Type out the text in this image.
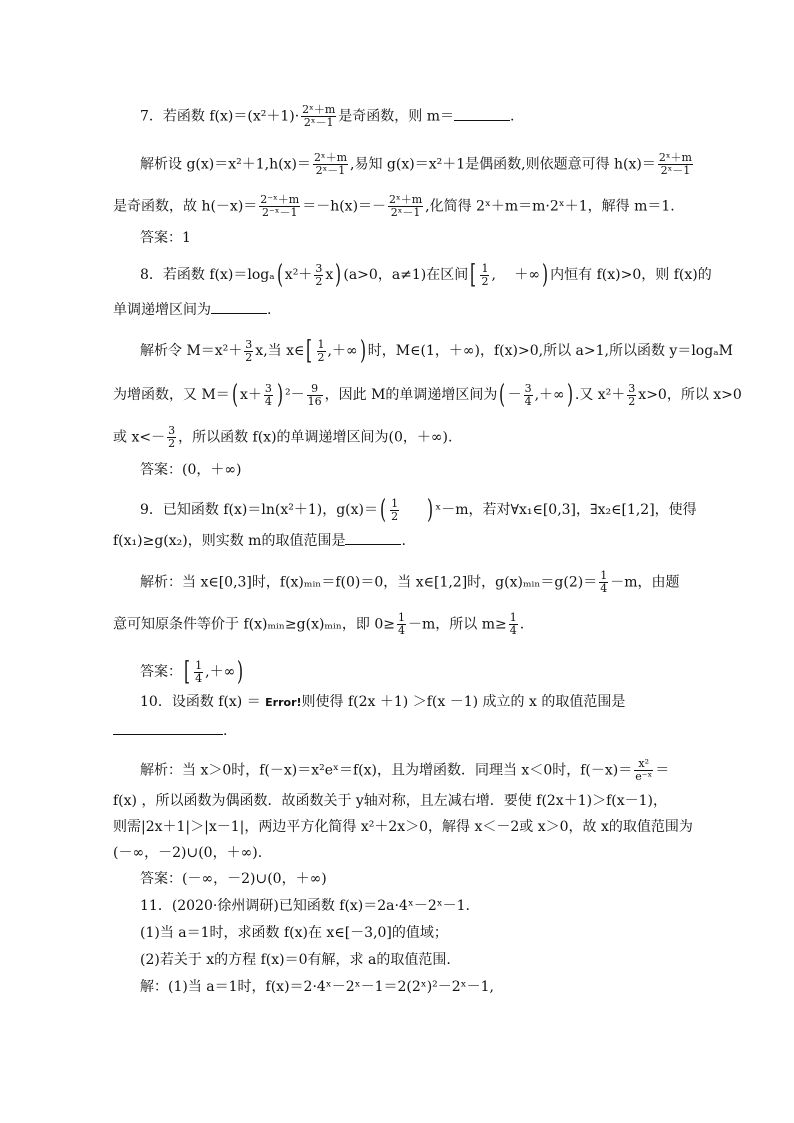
7．若函数 $f(x)=(x^2+1)\cdot \frac{\text{2ˣ＋m}}{\text{2ˣ－1}}$ 是奇函数，则 m＝	.
解析设 $g(x)=x^2+1,h(x)= \frac{\text{2ˣ＋m}}{\text{2ˣ－1}}$ ,易知 g(x)＝x²＋1是偶函数,则依题意可得 $h(x)= \frac{\text{2ˣ＋m}}{\text{2ˣ－1}}$
是奇函数，故 $h(-x)= \frac{\text{2⁻ˣ＋m}}{\text{2⁻ˣ－1}} =-h(x)=- \frac{\text{2ˣ＋m}}{\text{2ˣ－1}}$ ,化简得 2ˣ＋m＝m·2ˣ＋1，解得 m＝1.
答案：1
8．若函数 f(x)＝logₐ( $x^2+ \frac{3}{2} x$) (a>0，a≠1)在区间[ $\frac{1}{2}$ ,　 ＋∞) 内恒有 f(x)>0，则 f(x)的
单调递增区间为	.
解析令 $M=x^2+ \frac{3}{2} x$,当 x∈[ $\frac{1}{2}$ ,＋∞) 时，M∈(1，＋∞)，f(x)>0,所以 a>1,所以函数 y＝logₐM
为增函数，又 M＝( $x+ \frac{3}{4}$ ) $^2- \frac{9}{16}$ ，因此 M的单调递增区间为( － $\frac{3}{4}$ ,＋∞) .又 $x^2+ \frac{3}{2} x>0$，所以 x>0
或 $x<- \frac{3}{2}$ ，所以函数 f(x)的单调递增区间为(0，＋∞).
答案：(0，＋∞)
9．已知函数 f(x)＝ln(x²＋1)，$g(x)=( \frac{1}{2}$ ) ˣ－m，若对∀x₁∈[0,3]，∃x₂∈[1,2]，使得
f(x₁)≥g(x₂)，则实数 m的取值范围是	.
解析：当 x∈[0,3]时，f(x)ₘᵢₙ＝f(0)＝0，当 x∈[1,2]时，g(x)ₘᵢₙ＝g(2)＝ $\frac{1}{4} -m$，由题
意可知原条件等价于 f(x)ₘᵢₙ≥g(x)ₘᵢₙ，即 $0\ge \frac{1}{4} -m$，所以 $m\ge \frac{1}{4}$ .
答案：[ $\frac{1}{4}$ ,＋∞)
10．设函数 f(x) ＝ Error!则使得 f(2x ＋1) ＞f(x －1) 成立的 x 的取值范围是
.
解析：当 x＞0时，f(－x)＝x²eˣ＝f(x)，且为增函数．同理当 x＜0时，$f(-x)= \frac{\text{x²}}{\text{e⁻ˣ}}$ ＝
f(x) ，所以函数为偶函数．故函数关于 y轴对称，且左减右增．要使 f(2x＋1)＞f(x－1)，
则需|2x＋1|＞|x－1|，两边平方化简得 x²＋2x＞0，解得 x＜－2或 x＞0，故 x的取值范围为
(－∞，－2)∪(0，＋∞).
答案：(－∞，－2)∪(0，＋∞)
11．(2020·徐州调研)已知函数 f(x)＝2a·4ˣ－2ˣ－1.
(1)当 a＝1时，求函数 f(x)在 x∈[－3,0]的值域；
(2)若关于 x的方程 f(x)＝0有解，求 a的取值范围.
解：(1)当 a＝1时，f(x)＝2·4ˣ－2ˣ－1＝2(2ˣ)²－2ˣ－1,
